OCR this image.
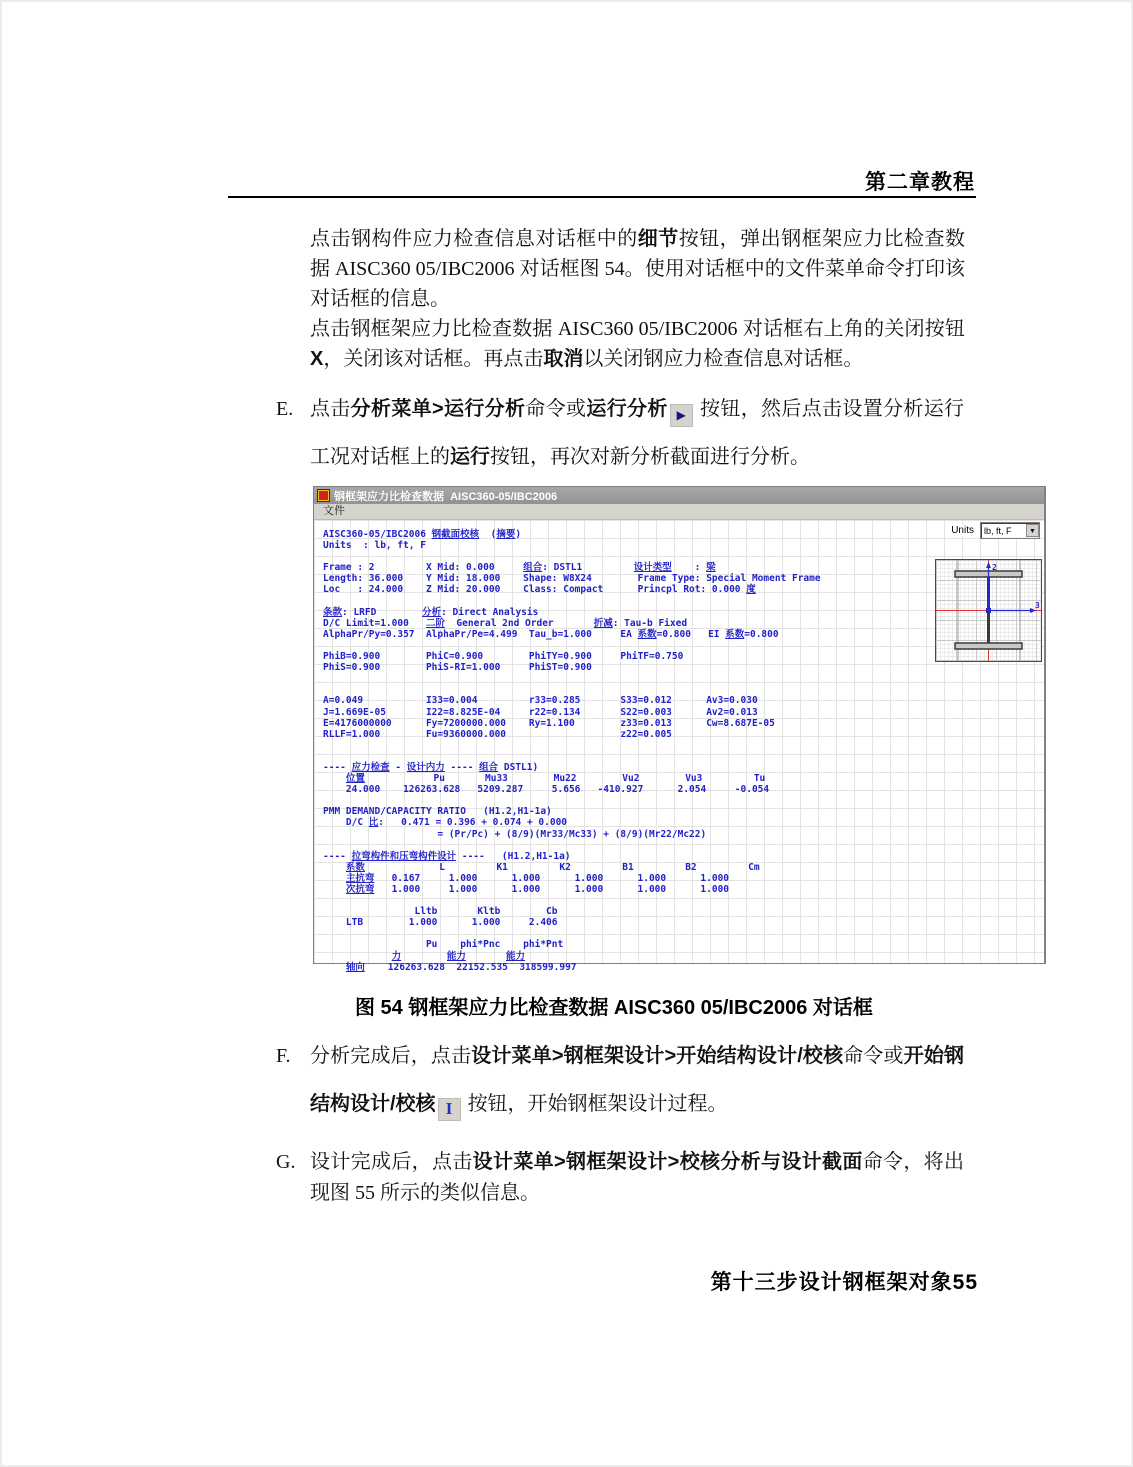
第二章教程

点击钢构件应力检查信息对话框中的细节按钮，弹出钢框架应力比检查数据 AISC360 05/IBC2006 对话框图 54。使用对话框中的文件菜单命令打印该对话框的信息。

点击钢框架应力比检查数据 AISC360 05/IBC2006 对话框右上角的关闭按钮X，关闭该对话框。再点击取消以关闭钢应力检查信息对话框。

E. 点击分析菜单>运行分析命令或运行分析 ▶ 按钮，然后点击设置分析运行工况对话框上的运行按钮，再次对新分析截面进行分析。
钢框架应力比检查数据  AISC360-05/IBC2006
文件
Units	lb, ft, F	▼
AISC360-05/IBC2006 钢截面校核  (摘要)
Units  : lb, ft, F

Frame : 2         X Mid: 0.000	组合: DSTL1         设计类型    : 梁
Length: 36.000    Y Mid: 18.000    Shape: W8X24        Frame Type: Special Moment Frame
Loc   : 24.000    Z Mid: 20.000    Class: Compact      Princpl Rot: 0.000 度

条款: LRFD        分析: Direct Analysis
D/C Limit=1.000   二阶  General 2nd Order       折减: Tau-b Fixed
AlphaPr/Py=0.357  AlphaPr/Pe=4.499  Tau_b=1.000     EA 系数=0.800   EI 系数=0.800

PhiB=0.900        PhiC=0.900        PhiTY=0.900     PhiTF=0.750
PhiS=0.900        PhiS-RI=1.000     PhiST=0.900

A=0.049           I33=0.004         r33=0.285       S33=0.012      Av3=0.030
J=1.669E-05       I22=8.825E-04     r22=0.134       S22=0.003      Av2=0.013
E=4176000000      Fy=7200000.000    Ry=1.100        z33=0.013      Cw=8.687E-05
RLLF=1.000        Fu=9360000.000                    z22=0.005

---- 应力检查 - 设计内力 ---- 组合 DSTL1)
位置	Pu       Mu33        Mu22        Vu2        Vu3         Tu
24.000    126263.628   5209.287     5.656   -410.927      2.054     -0.054

PMM DEMAND/CAPACITY RATIO   (H1.2,H1-1a)
D/C 比:   0.471 = 0.396 + 0.074 + 0.000
= (Pr/Pc) + (8/9)(Mr33/Mc33) + (8/9)(Mr22/Mc22)

---- 拉弯构件和压弯构件设计 ----   (H1.2,H1-1a)
系数	L         K1         K2         B1         B2         Cm
主抗弯   0.167     1.000      1.000      1.000      1.000      1.000
次抗弯   1.000     1.000      1.000      1.000      1.000      1.000

Lltb       Kltb        Cb
LTB        1.000      1.000     2.406

Pu    phi*Pnc    phi*Pnt
力	能力	能力
轴向    126263.628  22152.535  318599.997
2
3
图 54 钢框架应力比检查数据 AISC360 05/IBC2006 对话框
F. 分析完成后，点击设计菜单>钢框架设计>开始结构设计/校核命令或开始钢结构设计/校核 I 按钮，开始钢框架设计过程。
G. 设计完成后，点击设计菜单>钢框架设计>校核分析与设计截面命令，将出现图 55 所示的类似信息。
第十三步设计钢框架对象55
